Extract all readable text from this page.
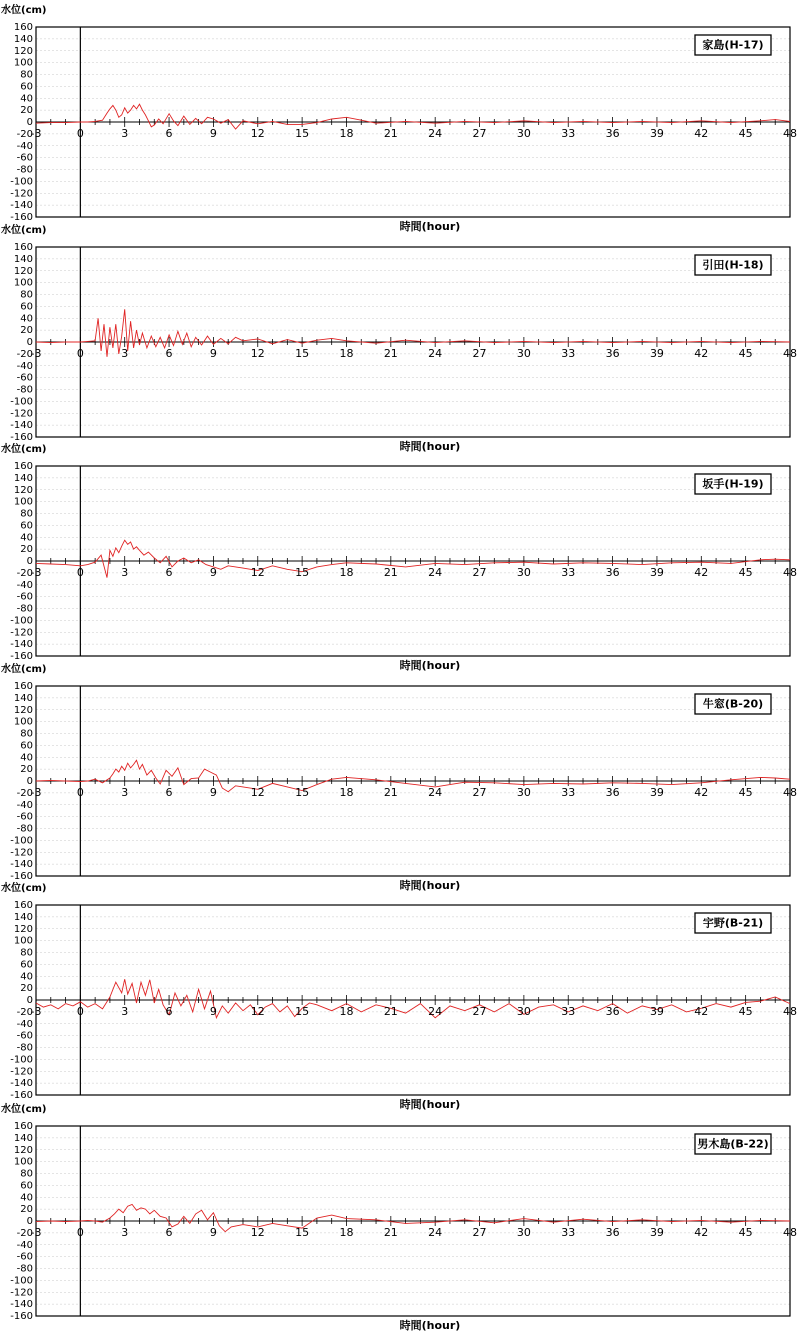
水位(cm)
160
140
120
100
80
60
40
20
0
-20
-40
-60
-80
-100
-120
-140
-160
-3	0	3	6	9	12	15	18	21	24	27	30	33	36	39	42	45	48
時間(hour)
家島(H-17)
水位(cm)
160
140
120
100
80
60
40
20
0
-20
-40
-60
-80
-100
-120
-140
-160
-3	0	3	6	9	12	15	18	21	24	27	30	33	36	39	42	45	48
時間(hour)
引田(H-18)
水位(cm)
160
140
120
100
80
60
40
20
0
-20
-40
-60
-80
-100
-120
-140
-160
-3	0	3	6	9	12	15	18	21	24	27	30	33	36	39	42	45	48
時間(hour)
坂手(H-19)
水位(cm)
160
140
120
100
80
60
40
20
0
-20
-40
-60
-80
-100
-120
-140
-160
-3	0	3	6	9	12	15	18	21	24	27	30	33	36	39	42	45	48
時間(hour)
牛窓(B-20)
水位(cm)
160
140
120
100
80
60
40
20
0
-20
-40
-60
-80
-100
-120
-140
-160
-3	0	3	6	9	12	15	18	21	24	27	30	33	36	39	42	45	48
時間(hour)
宇野(B-21)
水位(cm)
160
140
120
100
80
60
40
20
0
-20
-40
-60
-80
-100
-120
-140
-160
-3	0	3	6	9	12	15	18	21	24	27	30	33	36	39	42	45	48
時間(hour)
男木島(B-22)
